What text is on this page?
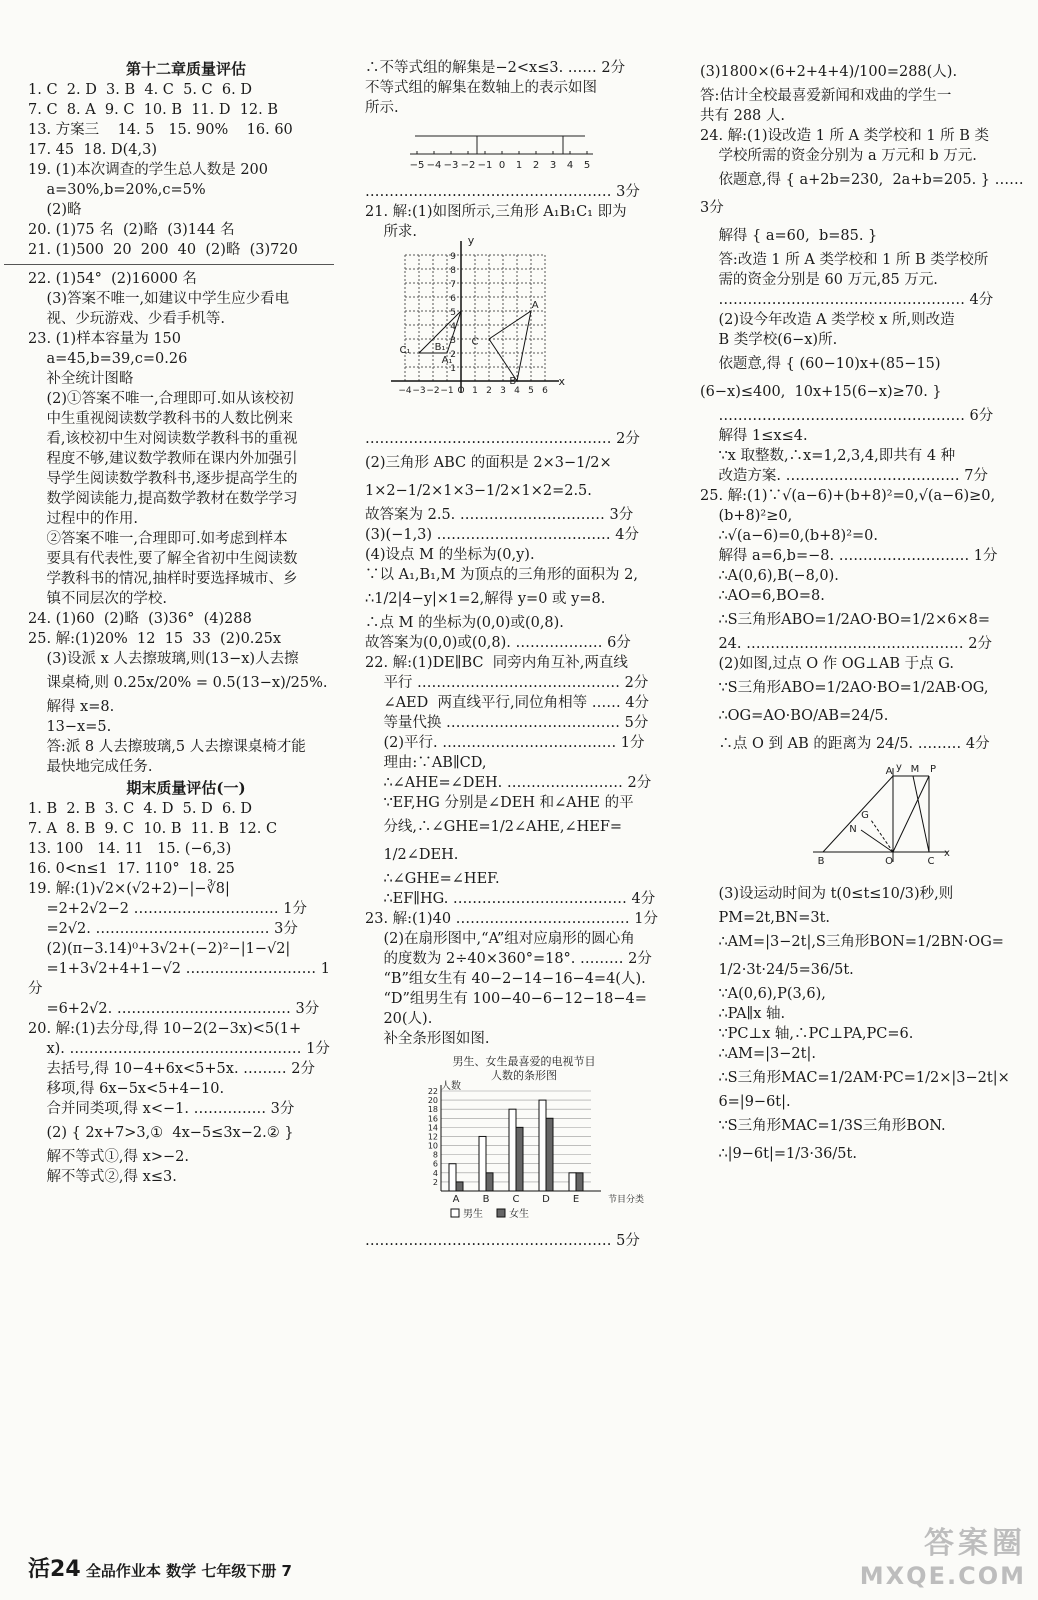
第十二章质量评估
1. C  2. D  3. B  4. C  5. C  6. D
7. C  8. A  9. C  10. B  11. D  12. B
13. 方案三    14. 5   15. 90%    16. 60
17. 45  18. D(4,3)
19. (1)本次调查的学生总人数是 200
a=30%,b=20%,c=5%
(2)略
20. (1)75 名  (2)略  (3)144 名
21. (1)500  20  200  40  (2)略  (3)720
22. (1)54°  (2)16000 名
(3)答案不唯一,如建议中学生应少看电
视、少玩游戏、少看手机等.
23. (1)样本容量为 150
a=45,b=39,c=0.26
补全统计图略
(2)①答案不唯一,合理即可.如从该校初
中生重视阅读数学教科书的人数比例来
看,该校初中生对阅读数学教科书的重视
程度不够,建议数学教师在课内外加强引
导学生阅读数学教科书,逐步提高学生的
数学阅读能力,提高数学教材在数学学习
过程中的作用.
②答案不唯一,合理即可.如考虑到样本
要具有代表性,要了解全省初中生阅读数
学教科书的情况,抽样时要选择城市、乡
镇不同层次的学校.
24. (1)60  (2)略  (3)36°  (4)288
25. 解:(1)20%  12  15  33  (2)0.25x
(3)设派 x 人去擦玻璃,则(13−x)人去擦
课桌椅,则 0.25x/20% = 0.5(13−x)/25%.
解得 x=8.
13−x=5.
答:派 8 人去擦玻璃,5 人去擦课桌椅才能
最快地完成任务.
期末质量评估(一)
1. B  2. B  3. C  4. D  5. D  6. D
7. A  8. B  9. C  10. B  11. B  12. C
13. 100   14. 11   15. (−6,3)
16. 0<n≤1  17. 110°  18. 25
19. 解:(1)√2×(√2+2)−|−∛8|
=2+2√2−2 ………………………… 1分
=2√2. ……………………………… 3分
(2)(π−3.14)⁰+3√2+(−2)²−|1−√2|
=1+3√2+4+1−√2 ……………………… 1分
=6+2√2. ……………………………… 3分
20. 解:(1)去分母,得 10−2(2−3x)<5(1+
x). ………………………………………… 1分
去括号,得 10−4+6x<5+5x. ……… 2分
移项,得 6x−5x<5+4−10.
合并同类项,得 x<−1. …………… 3分
(2) { 2x+7>3,①  4x−5≤3x−2.② }
解不等式①,得 x>−2.
解不等式②,得 x≤3.
∴不等式组的解集是−2<x≤3. …… 2分
不等式组的解集在数轴上的表示如图
所示.
−5 −4 −3 −2 −1 0 1 2 3 4 5
…………………………………………… 3分
21. 解:(1)如图所示,三角形 A₁B₁C₁ 即为
所求.
y
x
−4 −3 −2 −1 O 1 2 3 4 5 6
9
8
7
6
5
4
3
2
1
A₁
B₁
C₁
A
B
C
…………………………………………… 2分
(2)三角形 ABC 的面积是 2×3−1/2×
1×2−1/2×1×3−1/2×1×2=2.5.
故答案为 2.5. ………………………… 3分
(3)(−1,3) ……………………………… 4分
(4)设点 M 的坐标为(0,y).
∵以 A₁,B₁,M 为顶点的三角形的面积为 2,
∴1/2|4−y|×1=2,解得 y=0 或 y=8.
∴点 M 的坐标为(0,0)或(0,8).
故答案为(0,0)或(0,8). ……………… 6分
22. 解:(1)DE∥BC  同旁内角互补,两直线
平行 …………………………………… 2分
∠AED  两直线平行,同位角相等 …… 4分
等量代换 ……………………………… 5分
(2)平行. ……………………………… 1分
理由:∵AB∥CD,
∴∠AHE=∠DEH. …………………… 2分
∵EF,HG 分别是∠DEH 和∠AHE 的平
分线,∴∠GHE=1/2∠AHE,∠HEF=
1/2∠DEH.
∴∠GHE=∠HEF.
∴EF∥HG. ……………………………… 4分
23. 解:(1)40 ……………………………… 1分
(2)在扇形图中,“A”组对应扇形的圆心角
的度数为 2÷40×360°=18°. ……… 2分
“B”组女生有 40−2−14−16−4=4(人).
“D”组男生有 100−40−6−12−18−4=
20(人).
补全条形图如图.
男生、女生最喜爱的电视节目
人数的条形图
人数
22
20
18
16
14
12
10
8
6
4
2
A B C D E	节目分类
男生	女生
…………………………………………… 5分
(3)1800×(6+2+4+4)/100=288(人).
答:估计全校最喜爱新闻和戏曲的学生一
共有 288 人.
24. 解:(1)设改造 1 所 A 类学校和 1 所 B 类
学校所需的资金分别为 a 万元和 b 万元.
依题意,得 { a+2b=230,  2a+b=205. } …… 3分
解得 { a=60,  b=85. }
答:改造 1 所 A 类学校和 1 所 B 类学校所
需的资金分别是 60 万元,85 万元.
…………………………………………… 4分
(2)设今年改造 A 类学校 x 所,则改造
B 类学校(6−x)所.
依题意,得 { (60−10)x+(85−15)(6−x)≤400,  10x+15(6−x)≥70. }
…………………………………………… 6分
解得 1≤x≤4.
∵x 取整数,∴x=1,2,3,4,即共有 4 种
改造方案. ……………………………… 7分
25. 解:(1)∵√(a−6)+(b+8)²=0,√(a−6)≥0,
(b+8)²≥0,
∴√(a−6)=0,(b+8)²=0.
解得 a=6,b=−8. ……………………… 1分
∴A(0,6),B(−8,0).
∴AO=6,BO=8.
∴S三角形ABO=1/2AO·BO=1/2×6×8=
24. ……………………………………… 2分
(2)如图,过点 O 作 OG⊥AB 于点 G.
∵S三角形ABO=1/2AO·BO=1/2AB·OG,
∴OG=AO·BO/AB=24/5.
∴点 O 到 AB 的距离为 24/5. ……… 4分
y
A M P
G
N
B	O	C
x
(3)设运动时间为 t(0≤t≤10/3)秒,则
PM=2t,BN=3t.
∴AM=|3−2t|,S三角形BON=1/2BN·OG=
1/2·3t·24/5=36/5t.
∵A(0,6),P(3,6),
∴PA∥x 轴.
∵PC⊥x 轴,∴PC⊥PA,PC=6.
∴AM=|3−2t|.
∴S三角形MAC=1/2AM·PC=1/2×|3−2t|×
6=|9−6t|.
∵S三角形MAC=1/3S三角形BON.
∴|9−6t|=1/3·36/5t.
活24 全品作业本 数学 七年级下册 7
答案圈
MXQE.COM
